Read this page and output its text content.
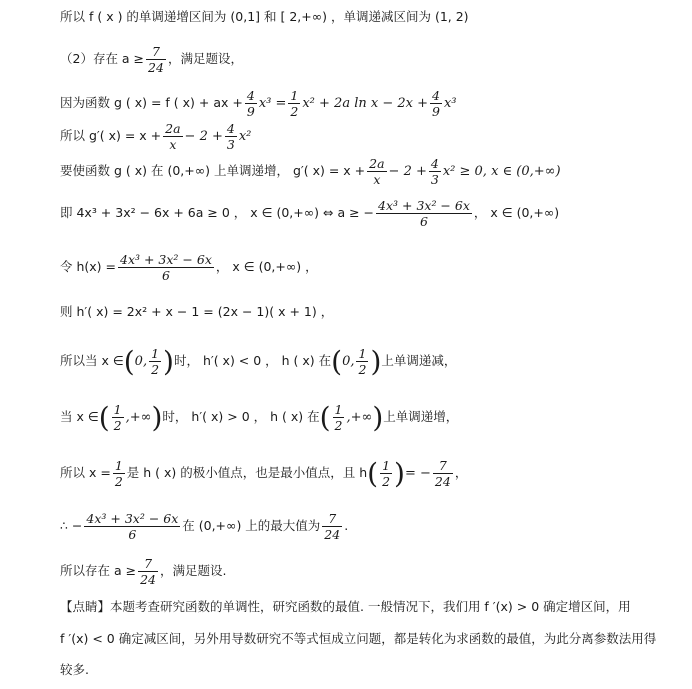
所以 f ( x ) 的单调递增区间为 (0,1] 和 [ 2,+∞) ，单调递减区间为 (1, 2)
（2）存在 $a \ge \frac{7}{24}$ ，满足题设，
因为函数 g ( x) = f ( x) + ax + $\frac{4}{9} x^3 = \frac{1}{2} x^2 + 2a$ $\ln x - 2x + \frac{4}{9} x^3$
所以 g′( $x) = x + \frac{2a}{x} - 2 + \frac{4}{3} x^2$
要使函数 g ( x) 在 (0,+∞) 上单调递增， g′( $x) = x + \frac{2a}{x} - 2 + \frac{4}{3} x^2 \ge 0$, x ∈ (0,+∞)
即 4x³ + 3x² − 6x + 6a ≥ 0 ， x ∈ (0,+∞) ⇔ a ≥ − $\frac{\text{4x³ + 3x² − 6x}}{6}$ ， x ∈ (0,+∞)
令 $h(x) = \frac{\text{4x³ + 3x² − 6x}}{6}$ ， x ∈ (0,+∞) ，
则 h′( x) = 2x² + x − 1 = (2x − 1)( x + 1) ，
所以当 x ∈(0, $\frac{1}{2}$ )时， h′( x) < 0 ， h ( x) 在(0, $\frac{1}{2}$ )上单调递减，
当 x ∈( $\frac{1}{2}$ ,+∞)时， h′( x) > 0 ， h ( x) 在( $\frac{1}{2}$ ,+∞)上单调递增，
所以 $x = \frac{1}{2}$ 是 h ( x) 的极小值点，也是最小值点，且 $h( \frac{1}{2}$ )= − $\frac{7}{24}$ ，
∴ − $\frac{\text{4x³ + 3x² − 6x}}{6}$ 在 (0,+∞) 上的最大值为 $\frac{7}{24}$ .
所以存在 $a \ge \frac{7}{24}$ ，满足题设.
【点睛】本题考查研究函数的单调性，研究函数的最值. 一般情况下，我们用 f ′(x) > 0 确定增区间，用
f ′(x) < 0 确定减区间，另外用导数研究不等式恒成立问题，都是转化为求函数的最值，为此分离参数法用得
较多.
